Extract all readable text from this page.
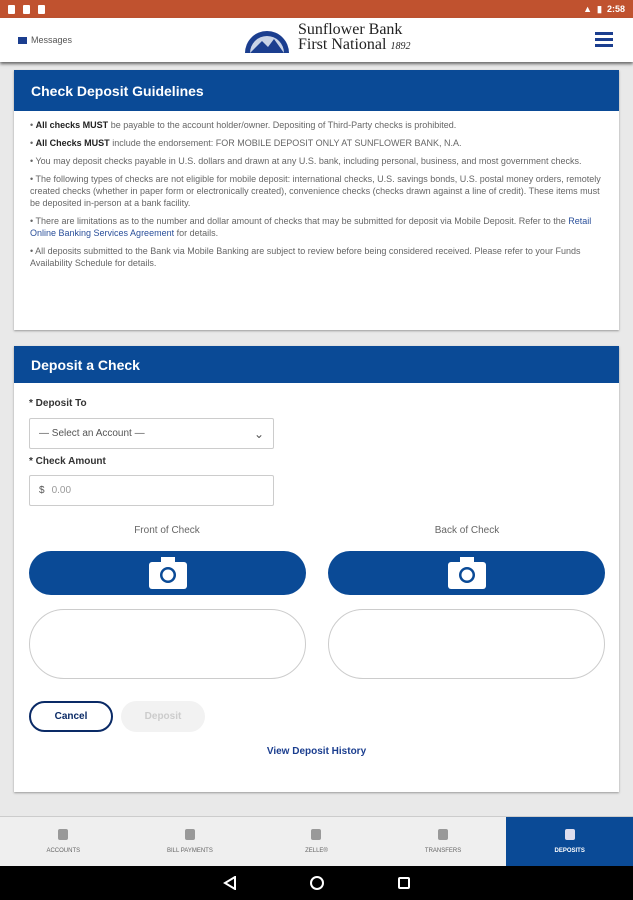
▲ ▮ 2:58
Messages
Sunflower Bank
First National 1892
Check Deposit Guidelines

• All checks MUST be payable to the account holder/owner. Depositing of Third-Party checks is prohibited.

• All Checks MUST include the endorsement: FOR MOBILE DEPOSIT ONLY AT SUNFLOWER BANK, N.A.

• You may deposit checks payable in U.S. dollars and drawn at any U.S. bank, including personal, business, and most government checks.

• The following types of checks are not eligible for mobile deposit: international checks, U.S. savings bonds, U.S. postal money orders, remotely created checks (whether in paper form or electronically created), convenience checks (checks drawn against a line of credit). These items must be deposited in-person at a bank facility.

• There are limitations as to the number and dollar amount of checks that may be submitted for deposit via Mobile Deposit. Refer to the Retail Online Banking Services Agreement for details.

• All deposits submitted to the Bank via Mobile Banking are subject to review before being considered received. Please refer to your Funds Availability Schedule for details.

Deposit a Check
* Deposit To
— Select an Account —	⌄
* Check Amount
$ 0.00
Front of Check	Back of Check
Cancel	Deposit
View Deposit History
ACCOUNTS	BILL PAYMENTS	ZELLE®	TRANSFERS	DEPOSITS
